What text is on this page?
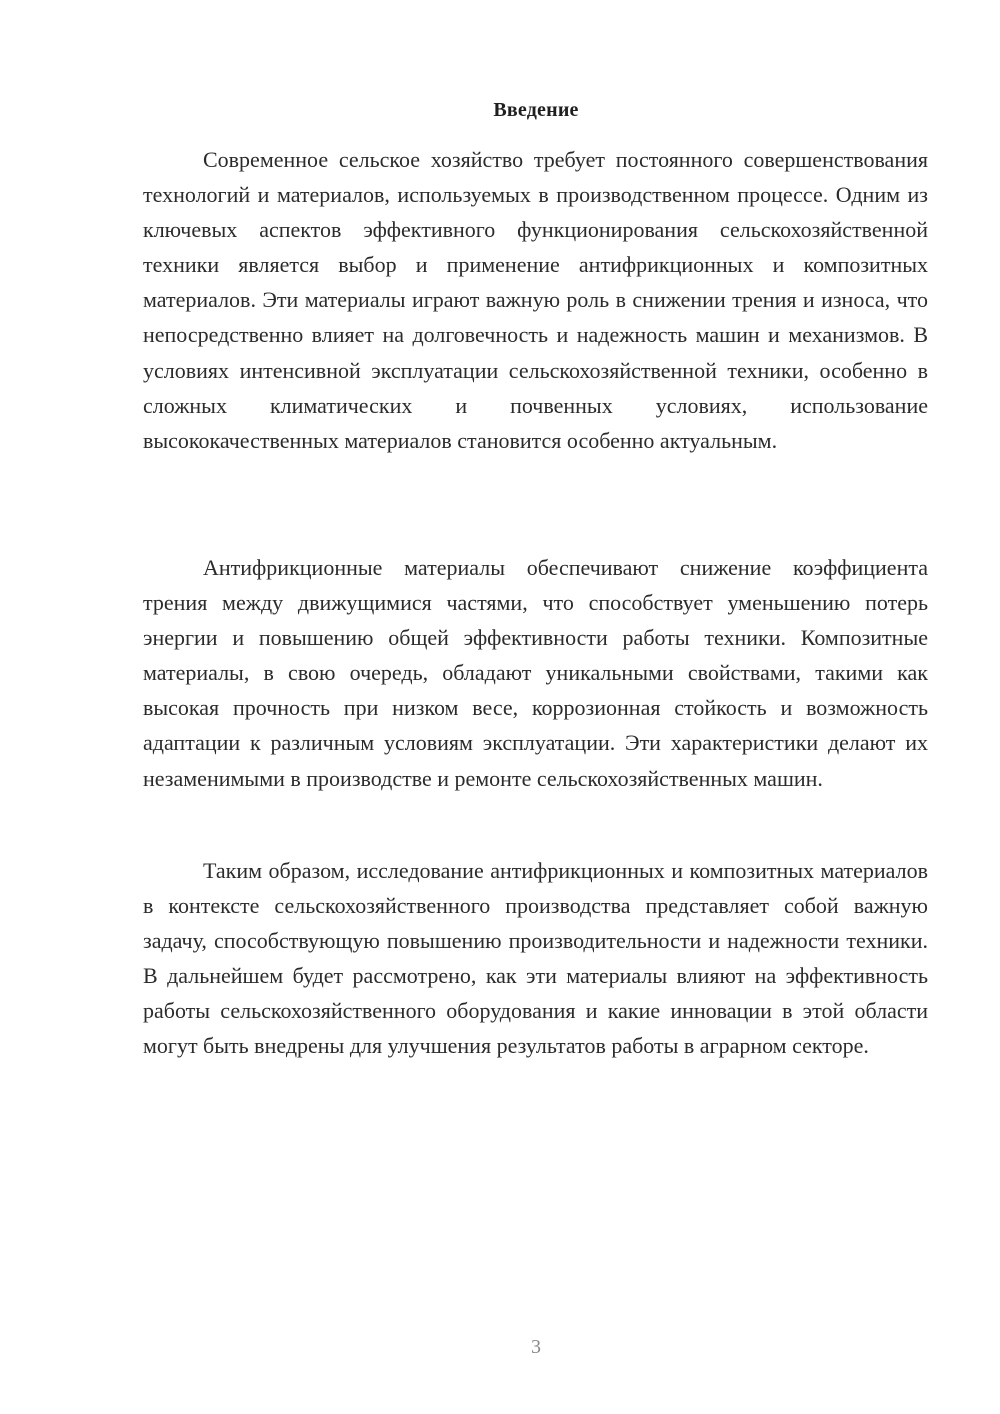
Введение

Современное сельское хозяйство требует постоянного совершенствования технологий и материалов, используемых в производственном процессе. Одним из ключевых аспектов эффективного функционирования сельскохозяйственной техники является выбор и применение антифрикционных и композитных материалов. Эти материалы играют важную роль в снижении трения и износа, что непосредственно влияет на долговечность и надежность машин и механизмов. В условиях интенсивной эксплуатации сельскохозяйственной техники, особенно в сложных климатических и почвенных условиях, использование высококачественных материалов становится особенно актуальным.

Антифрикционные материалы обеспечивают снижение коэффициента трения между движущимися частями, что способствует уменьшению потерь энергии и повышению общей эффективности работы техники. Композитные материалы, в свою очередь, обладают уникальными свойствами, такими как высокая прочность при низком весе, коррозионная стойкость и возможность адаптации к различным условиям эксплуатации. Эти характеристики делают их незаменимыми в производстве и ремонте сельскохозяйственных машин.

Таким образом, исследование антифрикционных и композитных материалов в контексте сельскохозяйственного производства представляет собой важную задачу, способствующую повышению производительности и надежности техники. В дальнейшем будет рассмотрено, как эти материалы влияют на эффективность работы сельскохозяйственного оборудования и какие инновации в этой области могут быть внедрены для улучшения результатов работы в аграрном секторе.

3
